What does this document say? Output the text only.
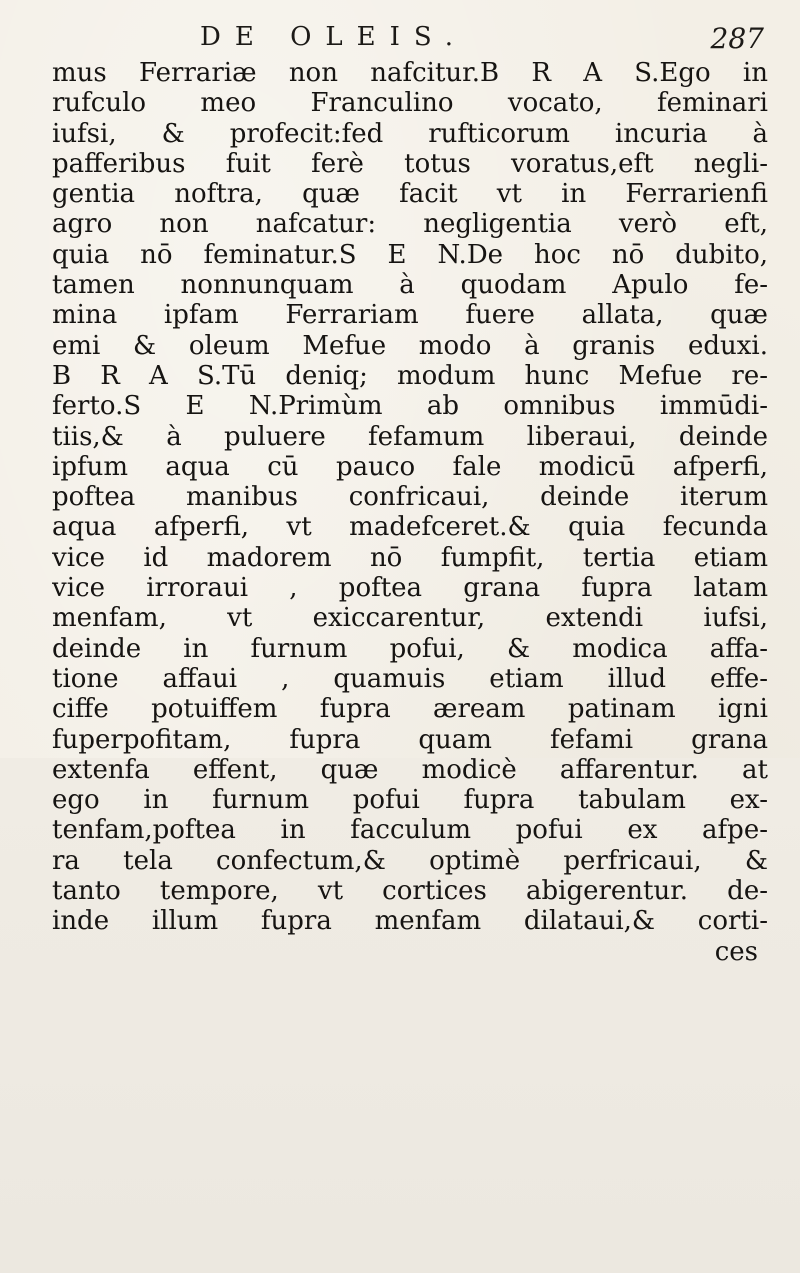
DE OLEIS.	287
mus Ferrariæ non nafcitur.B R A S.Ego in
rufculo meo Franculino vocato, feminari
iufsi, & profecit:fed rufticorum incuria à
pafferibus fuit ferè totus voratus,eft negli-
gentia noftra, quæ facit vt in Ferrarienfi
agro non nafcatur: negligentia verò eft,
quia nō feminatur.S E N.De hoc nō dubito,
tamen nonnunquam à quodam Apulo fe-
mina ipfam Ferrariam fuere allata, quæ
emi & oleum Mefue modo à granis eduxi.
B R A S.Tū deniq; modum hunc Mefue re-
ferto.S E N.Primùm ab omnibus immūdi-
tiis,& à puluere fefamum liberaui, deinde
ipfum aqua cū pauco fale modicū afperfi,
poftea manibus confricaui, deinde iterum
aqua afperfi, vt madefceret.& quia fecunda
vice id madorem nō fumpfit, tertia etiam
vice irroraui , poftea grana fupra latam
menfam, vt exiccarentur, extendi iufsi,
deinde in furnum pofui, & modica affa-
tione affaui , quamuis etiam illud effe-
ciffe potuiffem fupra æream patinam igni
fuperpofitam, fupra quam fefami grana
extenfa effent, quæ modicè affarentur. at
ego in furnum pofui fupra tabulam ex-
tenfam,poftea in facculum pofui ex afpe-
ra tela confectum,& optimè perfricaui, &
tanto tempore, vt cortices abigerentur. de-
inde illum fupra menfam dilataui,& corti-
ces
